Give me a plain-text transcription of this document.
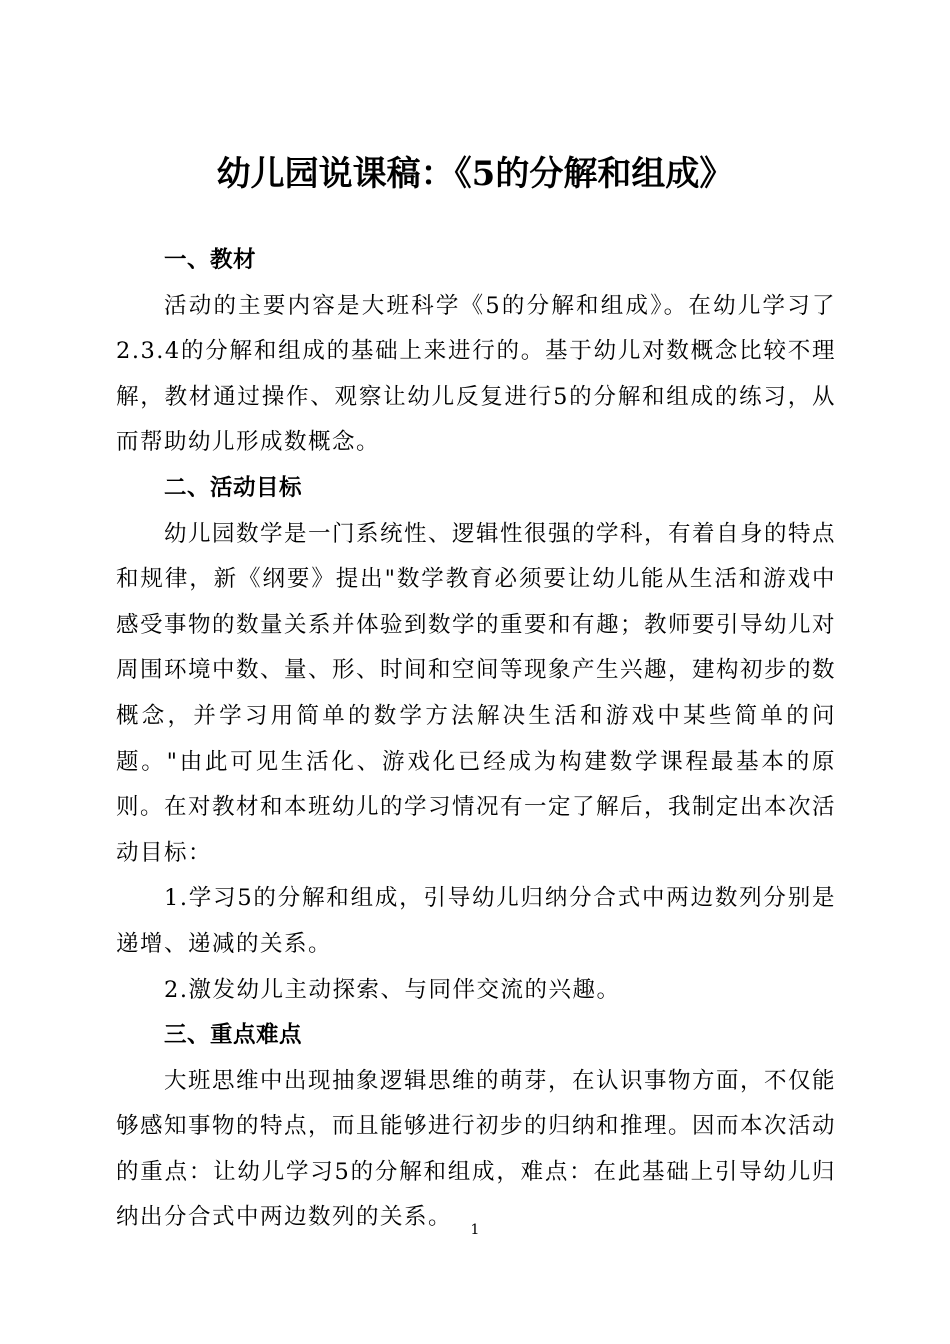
幼儿园说课稿：《5的分解和组成》

一、教材

活动的主要内容是大班科学《5的分解和组成》。在幼儿学习了2.3.4的分解和组成的基础上来进行的。基于幼儿对数概念比较不理解，教材通过操作、观察让幼儿反复进行5的分解和组成的练习，从而帮助幼儿形成数概念。

二、活动目标

幼儿园数学是一门系统性、逻辑性很强的学科，有着自身的特点和规律，新《纲要》提出"数学教育必须要让幼儿能从生活和游戏中感受事物的数量关系并体验到数学的重要和有趣；教师要引导幼儿对周围环境中数、量、形、时间和空间等现象产生兴趣，建构初步的数概念，并学习用简单的数学方法解决生活和游戏中某些简单的问题。"由此可见生活化、游戏化已经成为构建数学课程最基本的原则。在对教材和本班幼儿的学习情况有一定了解后，我制定出本次活动目标：

1.学习5的分解和组成，引导幼儿归纳分合式中两边数列分别是递增、递减的关系。

2.激发幼儿主动探索、与同伴交流的兴趣。

三、重点难点

大班思维中出现抽象逻辑思维的萌芽，在认识事物方面，不仅能够感知事物的特点，而且能够进行初步的归纳和推理。因而本次活动的重点：让幼儿学习5的分解和组成，难点：在此基础上引导幼儿归纳出分合式中两边数列的关系。	1
